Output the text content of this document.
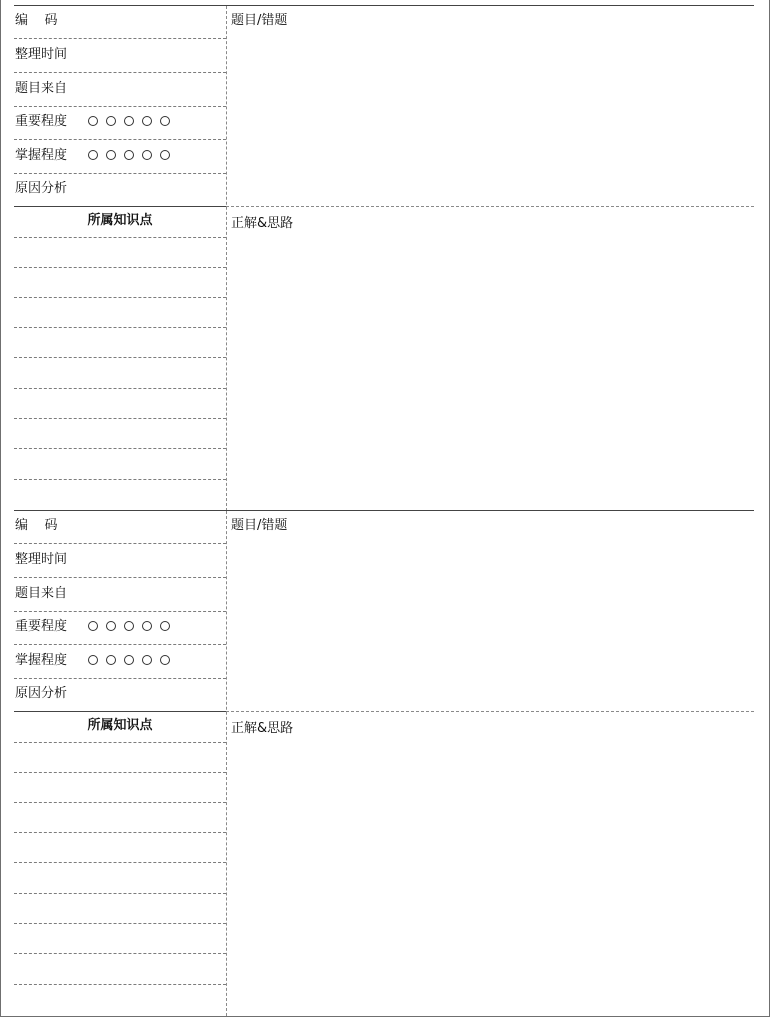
编    码
整理时间
题目来自
重要程度
掌握程度
原因分析
题目/错题
所属知识点	正解&思路
编    码
整理时间
题目来自
重要程度
掌握程度
原因分析
题目/错题
所属知识点	正解&思路
